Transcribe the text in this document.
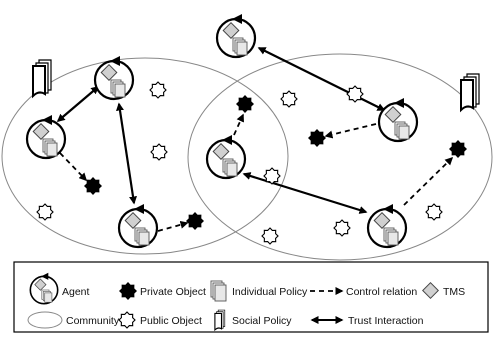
Agent	Private Object Individual Policy	Control relation TMS
Community Public Object	Social Policy	Trust Interaction
